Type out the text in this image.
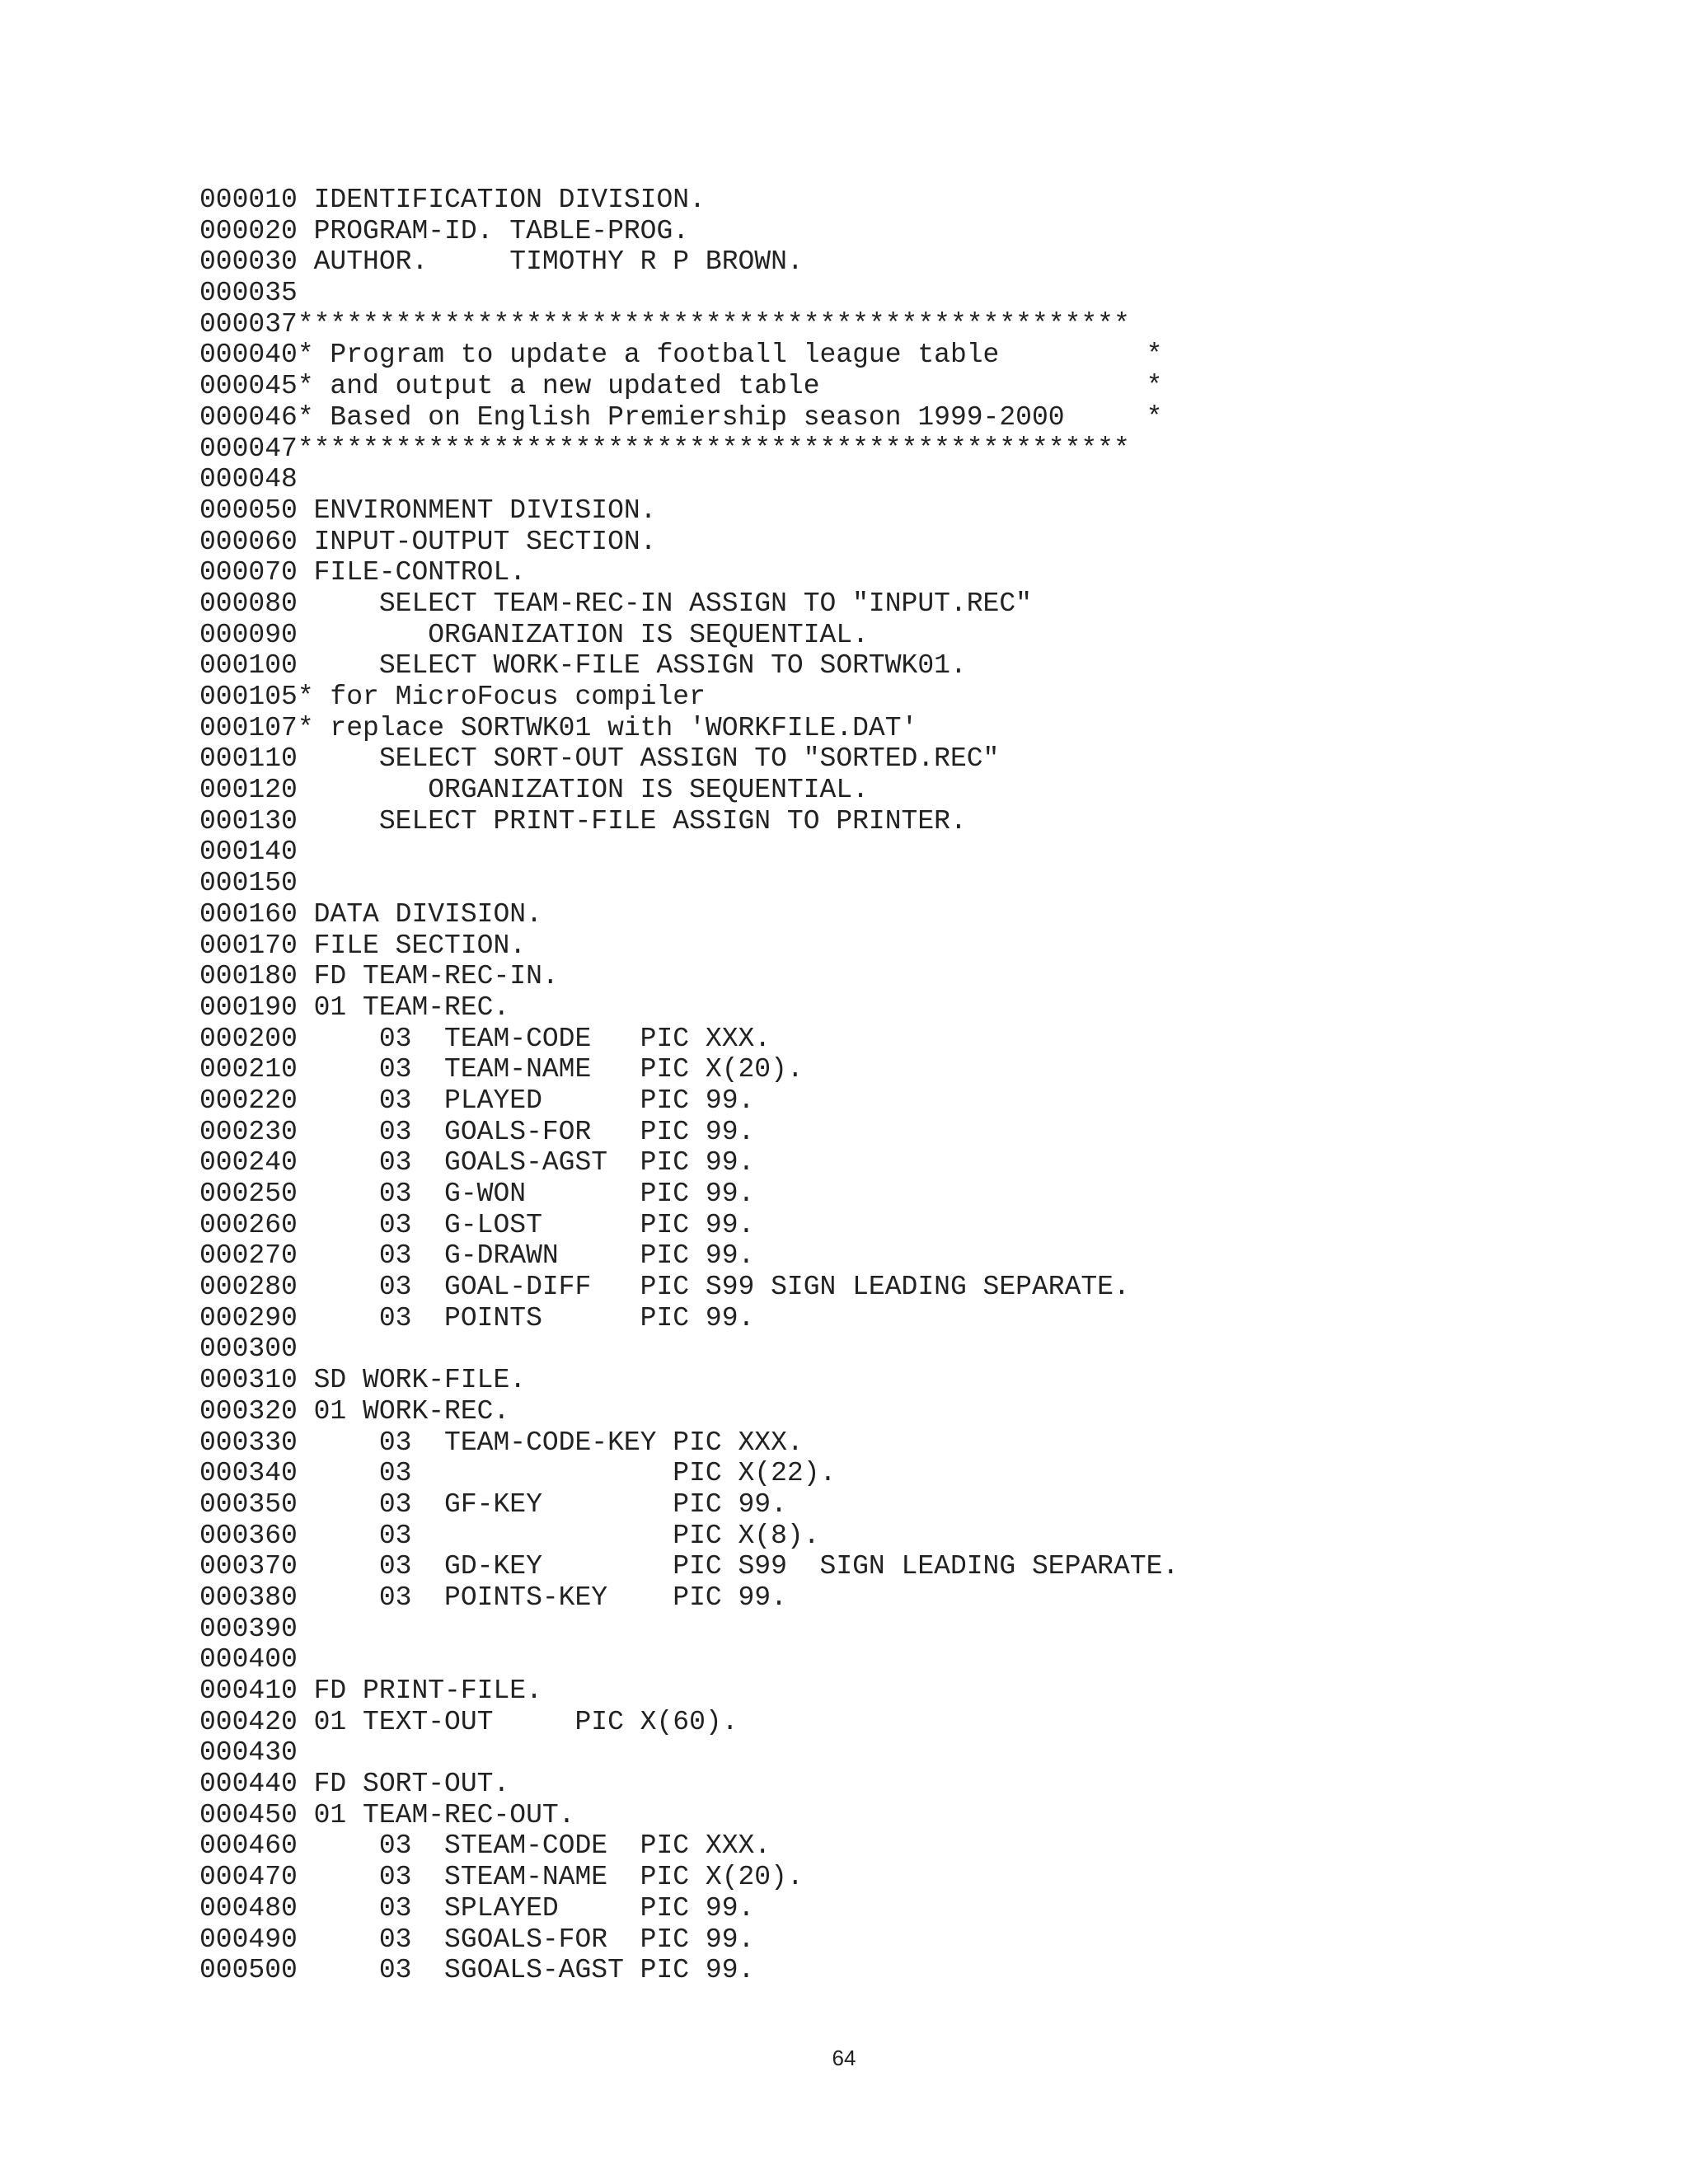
000010 IDENTIFICATION DIVISION.
000020 PROGRAM-ID. TABLE-PROG.
000030 AUTHOR.     TIMOTHY R P BROWN.
000035
000037***************************************************
000040* Program to update a football league table         *
000045* and output a new updated table                    *
000046* Based on English Premiership season 1999-2000     *
000047***************************************************
000048
000050 ENVIRONMENT DIVISION.
000060 INPUT-OUTPUT SECTION.
000070 FILE-CONTROL.
000080     SELECT TEAM-REC-IN ASSIGN TO "INPUT.REC"
000090        ORGANIZATION IS SEQUENTIAL.
000100     SELECT WORK-FILE ASSIGN TO SORTWK01.
000105* for MicroFocus compiler
000107* replace SORTWK01 with 'WORKFILE.DAT'
000110     SELECT SORT-OUT ASSIGN TO "SORTED.REC"
000120        ORGANIZATION IS SEQUENTIAL.
000130     SELECT PRINT-FILE ASSIGN TO PRINTER.
000140
000150
000160 DATA DIVISION.
000170 FILE SECTION.
000180 FD TEAM-REC-IN.
000190 01 TEAM-REC.
000200     03  TEAM-CODE   PIC XXX.
000210     03  TEAM-NAME   PIC X(20).
000220     03  PLAYED      PIC 99.
000230     03  GOALS-FOR   PIC 99.
000240     03  GOALS-AGST  PIC 99.
000250     03  G-WON       PIC 99.
000260     03  G-LOST      PIC 99.
000270     03  G-DRAWN     PIC 99.
000280     03  GOAL-DIFF   PIC S99 SIGN LEADING SEPARATE.
000290     03  POINTS      PIC 99.
000300
000310 SD WORK-FILE.
000320 01 WORK-REC.
000330     03  TEAM-CODE-KEY PIC XXX.
000340     03                PIC X(22).
000350     03  GF-KEY        PIC 99.
000360     03                PIC X(8).
000370     03  GD-KEY        PIC S99  SIGN LEADING SEPARATE.
000380     03  POINTS-KEY    PIC 99.
000390
000400
000410 FD PRINT-FILE.
000420 01 TEXT-OUT     PIC X(60).
000430
000440 FD SORT-OUT.
000450 01 TEAM-REC-OUT.
000460     03  STEAM-CODE  PIC XXX.
000470     03  STEAM-NAME  PIC X(20).
000480     03  SPLAYED     PIC 99.
000490     03  SGOALS-FOR  PIC 99.
000500     03  SGOALS-AGST PIC 99.
64
